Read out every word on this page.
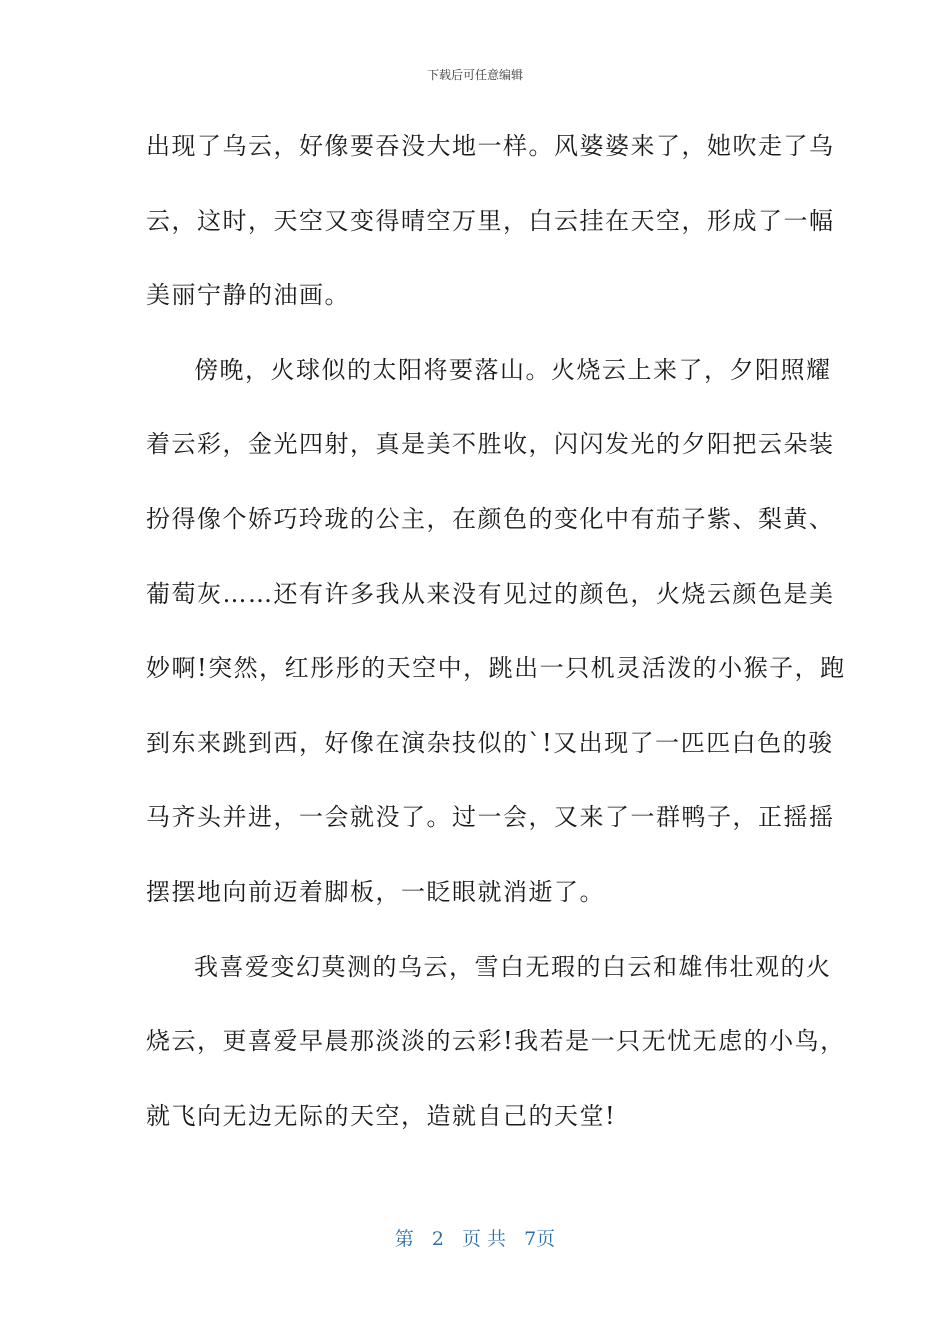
下载后可任意编辑
出现了乌云，好像要吞没大地一样。风婆婆来了，她吹走了乌
云，这时，天空又变得晴空万里，白云挂在天空，形成了一幅
美丽宁静的油画。
傍晚，火球似的太阳将要落山。火烧云上来了，夕阳照耀
着云彩，金光四射，真是美不胜收，闪闪发光的夕阳把云朵装
扮得像个娇巧玲珑的公主，在颜色的变化中有茄子紫、梨黄、
葡萄灰……还有许多我从来没有见过的颜色，火烧云颜色是美
妙啊!突然，红彤彤的天空中，跳出一只机灵活泼的小猴子，跑
到东来跳到西，好像在演杂技似的`!又出现了一匹匹白色的骏
马齐头并进，一会就没了。过一会，又来了一群鸭子，正摇摇
摆摆地向前迈着脚板，一眨眼就消逝了。
我喜爱变幻莫测的乌云，雪白无瑕的白云和雄伟壮观的火
烧云，更喜爱早晨那淡淡的云彩!我若是一只无忧无虑的小鸟，
就飞向无边无际的天空，造就自己的天堂!
第 2 页 共 7页
